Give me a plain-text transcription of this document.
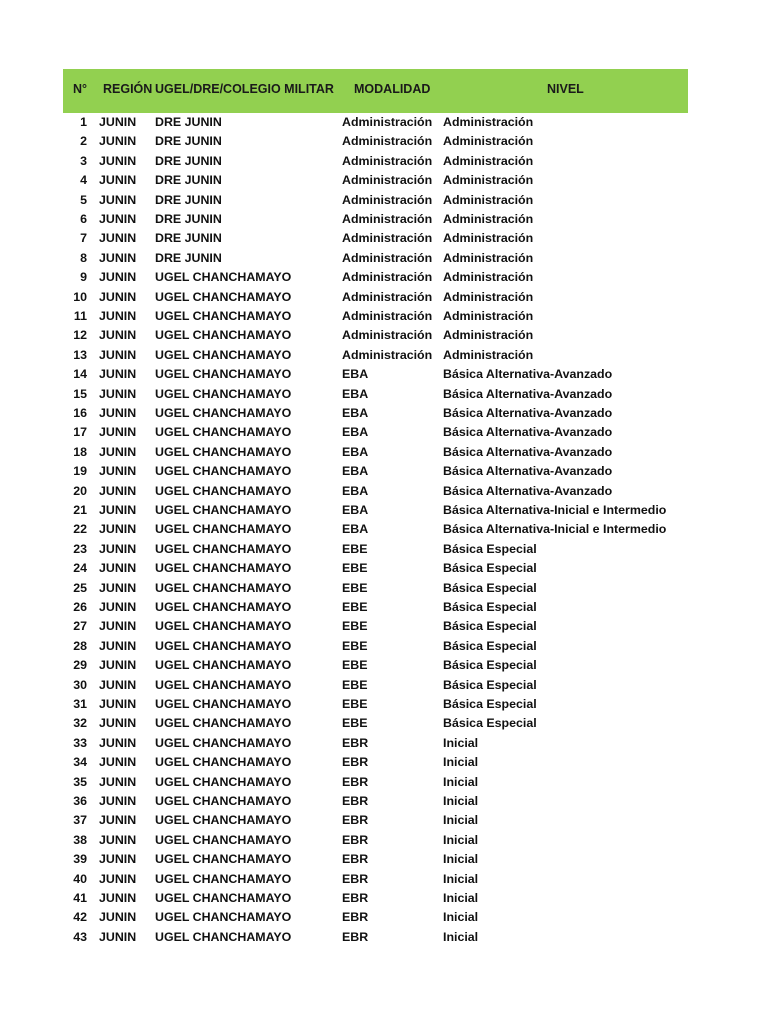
N° REGIÓN UGEL/DRE/COLEGIO MILITAR MODALIDAD	NIVEL
1 JUNIN DRE JUNIN	Administración Administración
2 JUNIN DRE JUNIN	Administración Administración
3 JUNIN DRE JUNIN	Administración Administración
4 JUNIN DRE JUNIN	Administración Administración
5 JUNIN DRE JUNIN	Administración Administración
6 JUNIN DRE JUNIN	Administración Administración
7 JUNIN DRE JUNIN	Administración Administración
8 JUNIN DRE JUNIN	Administración Administración
9 JUNIN UGEL CHANCHAMAYO	Administración Administración
10 JUNIN UGEL CHANCHAMAYO	Administración Administración
11 JUNIN UGEL CHANCHAMAYO	Administración Administración
12 JUNIN UGEL CHANCHAMAYO	Administración Administración
13 JUNIN UGEL CHANCHAMAYO	Administración Administración
14 JUNIN UGEL CHANCHAMAYO	EBA	Básica Alternativa-Avanzado
15 JUNIN UGEL CHANCHAMAYO	EBA	Básica Alternativa-Avanzado
16 JUNIN UGEL CHANCHAMAYO	EBA	Básica Alternativa-Avanzado
17 JUNIN UGEL CHANCHAMAYO	EBA	Básica Alternativa-Avanzado
18 JUNIN UGEL CHANCHAMAYO	EBA	Básica Alternativa-Avanzado
19 JUNIN UGEL CHANCHAMAYO	EBA	Básica Alternativa-Avanzado
20 JUNIN UGEL CHANCHAMAYO	EBA	Básica Alternativa-Avanzado
21 JUNIN UGEL CHANCHAMAYO	EBA	Básica Alternativa-Inicial e Intermedio
22 JUNIN UGEL CHANCHAMAYO	EBA	Básica Alternativa-Inicial e Intermedio
23 JUNIN UGEL CHANCHAMAYO	EBE	Básica Especial
24 JUNIN UGEL CHANCHAMAYO	EBE	Básica Especial
25 JUNIN UGEL CHANCHAMAYO	EBE	Básica Especial
26 JUNIN UGEL CHANCHAMAYO	EBE	Básica Especial
27 JUNIN UGEL CHANCHAMAYO	EBE	Básica Especial
28 JUNIN UGEL CHANCHAMAYO	EBE	Básica Especial
29 JUNIN UGEL CHANCHAMAYO	EBE	Básica Especial
30 JUNIN UGEL CHANCHAMAYO	EBE	Básica Especial
31 JUNIN UGEL CHANCHAMAYO	EBE	Básica Especial
32 JUNIN UGEL CHANCHAMAYO	EBE	Básica Especial
33 JUNIN UGEL CHANCHAMAYO	EBR	Inicial
34 JUNIN UGEL CHANCHAMAYO	EBR	Inicial
35 JUNIN UGEL CHANCHAMAYO	EBR	Inicial
36 JUNIN UGEL CHANCHAMAYO	EBR	Inicial
37 JUNIN UGEL CHANCHAMAYO	EBR	Inicial
38 JUNIN UGEL CHANCHAMAYO	EBR	Inicial
39 JUNIN UGEL CHANCHAMAYO	EBR	Inicial
40 JUNIN UGEL CHANCHAMAYO	EBR	Inicial
41 JUNIN UGEL CHANCHAMAYO	EBR	Inicial
42 JUNIN UGEL CHANCHAMAYO	EBR	Inicial
43 JUNIN UGEL CHANCHAMAYO	EBR	Inicial
